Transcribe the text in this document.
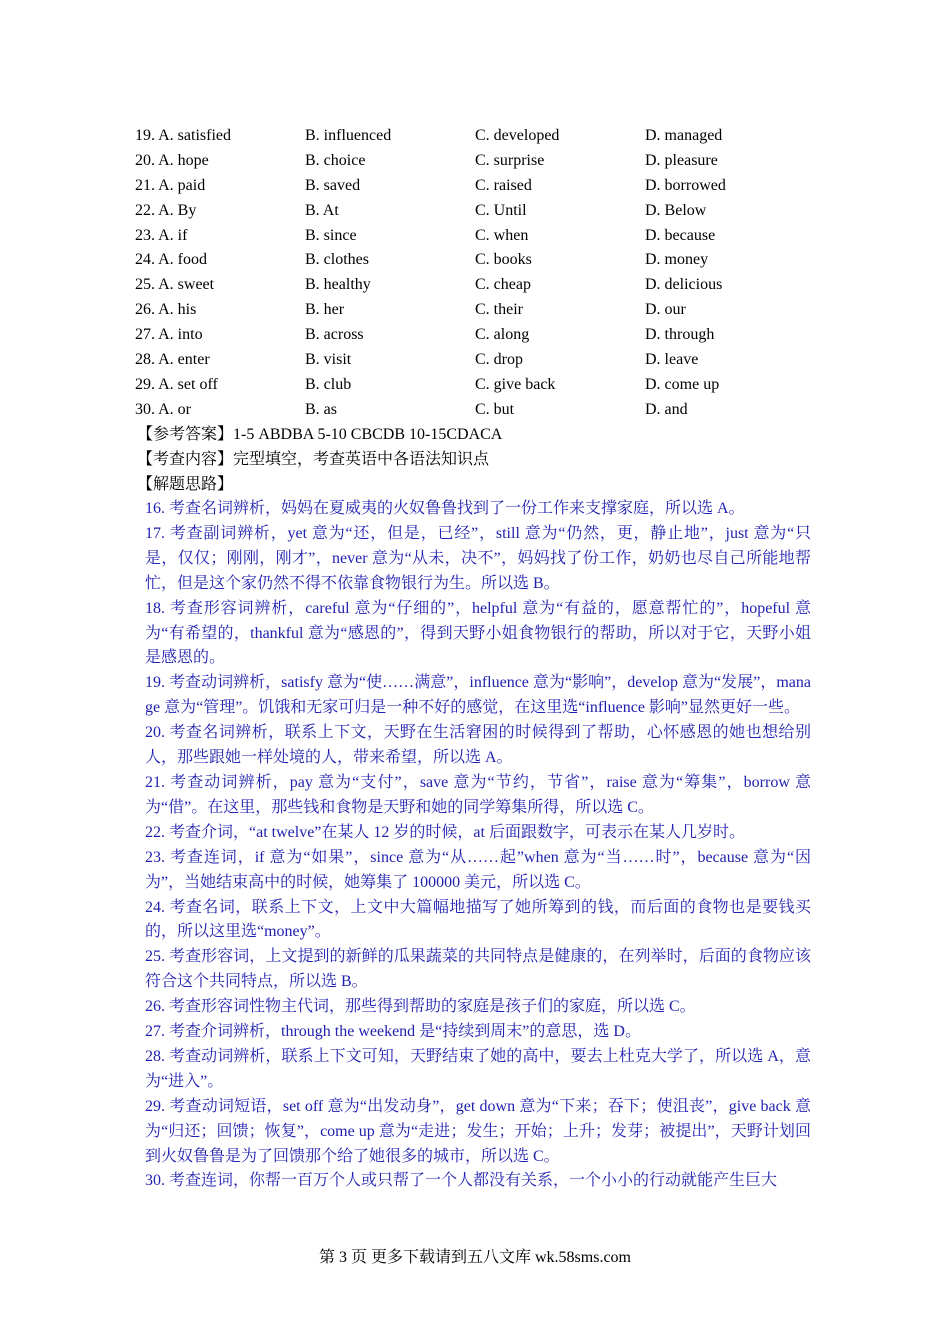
19. A. satisfied	B. influenced	C. developed	D. managed
20. A. hope	B. choice	C. surprise	D. pleasure
21. A. paid	B. saved	C. raised	D. borrowed
22. A. By	B. At	C. Until	D. Below
23. A. if	B. since	C. when	D. because
24. A. food	B. clothes	C. books	D. money
25. A. sweet	B. healthy	C. cheap	D. delicious
26. A. his	B. her	C. their	D. our
27. A. into	B. across	C. along	D. through
28. A. enter	B. visit	C. drop	D. leave
29. A. set off	B. club	C. give back	D. come up
30. A. or	B. as	C. but	D. and
【参考答案】1-5 ABDBA 5-10 CBCDB 10-15CDACA
【考查内容】完型填空，考查英语中各语法知识点
【解题思路】

16. 考查名词辨析，妈妈在夏威夷的火奴鲁鲁找到了一份工作来支撑家庭，所以选 A。

17. 考查副词辨析，yet 意为“还，但是，已经”，still 意为“仍然，更，静止地”，just 意为“只是，仅仅；刚刚，刚才”，never 意为“从未，决不”，妈妈找了份工作，奶奶也尽自己所能地帮忙，但是这个家仍然不得不依靠食物银行为生。所以选 B。

18. 考查形容词辨析，careful 意为“仔细的”，helpful 意为“有益的，愿意帮忙的”，hopeful 意为“有希望的，thankful 意为“感恩的”，得到天野小姐食物银行的帮助，所以对于它，天野小姐是感恩的。

19. 考查动词辨析，satisfy 意为“使……满意”，influence 意为“影响”，develop 意为“发展”，manage 意为“管理”。饥饿和无家可归是一种不好的感觉，在这里选“influence 影响”显然更好一些。

20. 考查名词辨析，联系上下文，天野在生活窘困的时候得到了帮助，心怀感恩的她也想给别人，那些跟她一样处境的人，带来希望，所以选 A。

21. 考查动词辨析，pay 意为“支付”，save 意为“节约，节省”，raise 意为“筹集”，borrow 意为“借”。在这里，那些钱和食物是天野和她的同学筹集所得，所以选 C。

22. 考查介词，“at twelve”在某人 12 岁的时候，at 后面跟数字，可表示在某人几岁时。

23. 考查连词，if 意为“如果”，since 意为“从……起”when 意为“当……时”，because 意为“因为”，当她结束高中的时候，她筹集了 100000 美元，所以选 C。

24. 考查名词，联系上下文，上文中大篇幅地描写了她所筹到的钱，而后面的食物也是要钱买的，所以这里选“money”。

25. 考查形容词，上文提到的新鲜的瓜果蔬菜的共同特点是健康的，在列举时，后面的食物应该符合这个共同特点，所以选 B。

26. 考查形容词性物主代词，那些得到帮助的家庭是孩子们的家庭，所以选 C。

27. 考查介词辨析，through the weekend 是“持续到周末”的意思，选 D。

28. 考查动词辨析，联系上下文可知，天野结束了她的高中，要去上杜克大学了，所以选 A，意为“进入”。

29. 考查动词短语，set off 意为“出发动身”，get down 意为“下来；吞下；使沮丧”，give back 意为“归还；回馈；恢复”，come up 意为“走进；发生；开始；上升；发芽；被提出”，天野计划回到火奴鲁鲁是为了回馈那个给了她很多的城市，所以选 C。

30. 考查连词，你帮一百万个人或只帮了一个人都没有关系，一个小小的行动就能产生巨大

第 3 页 更多下载请到五八文库 wk.58sms.com
